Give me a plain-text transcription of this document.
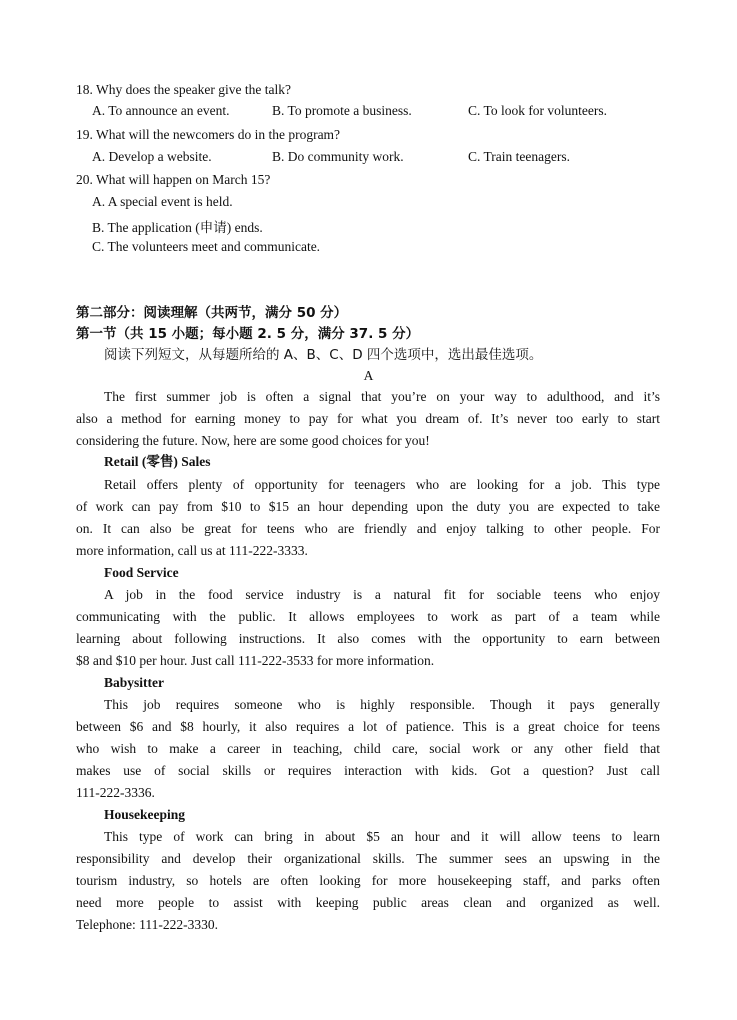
18. Why does the speaker give the talk?
A. To announce an event.	B. To promote a business.	C. To look for volunteers.
19. What will the newcomers do in the program?
A. Develop a website.	B. Do community work.	C. Train teenagers.
20. What will happen on March 15?
A. A special event is held.
B. The application (申请) ends.
C. The volunteers meet and communicate.
第二部分：阅读理解（共两节，满分 50 分）
第一节（共 15 小题；每小题 2. 5 分，满分 37. 5 分）
阅读下列短文，从每题所给的 A、B、C、D 四个选项中，选出最佳选项。
A
The first summer job is often a signal that you’re on your way to adulthood, and it’s
also a method for earning money to pay for what you dream of. It’s never too early to start
considering the future. Now, here are some good choices for you!
Retail (零售) Sales
Retail offers plenty of opportunity for teenagers who are looking for a job. This type
of work can pay from $10 to $15 an hour depending upon the duty you are expected to take
on. It can also be great for teens who are friendly and enjoy talking to other people. For
more information, call us at 111-222-3333.
Food Service
A job in the food service industry is a natural fit for sociable teens who enjoy
communicating with the public. It allows employees to work as part of a team while
learning about following instructions. It also comes with the opportunity to earn between
$8 and $10 per hour. Just call 111-222-3533 for more information.
Babysitter
This job requires someone who is highly responsible. Though it pays generally
between $6 and $8 hourly, it also requires a lot of patience. This is a great choice for teens
who wish to make a career in teaching, child care, social work or any other field that
makes use of social skills or requires interaction with kids. Got a question? Just call
111-222-3336.
Housekeeping
This type of work can bring in about $5 an hour and it will allow teens to learn
responsibility and develop their organizational skills. The summer sees an upswing in the
tourism industry, so hotels are often looking for more housekeeping staff, and parks often
need more people to assist with keeping public areas clean and organized as well.
Telephone: 111-222-3330.
